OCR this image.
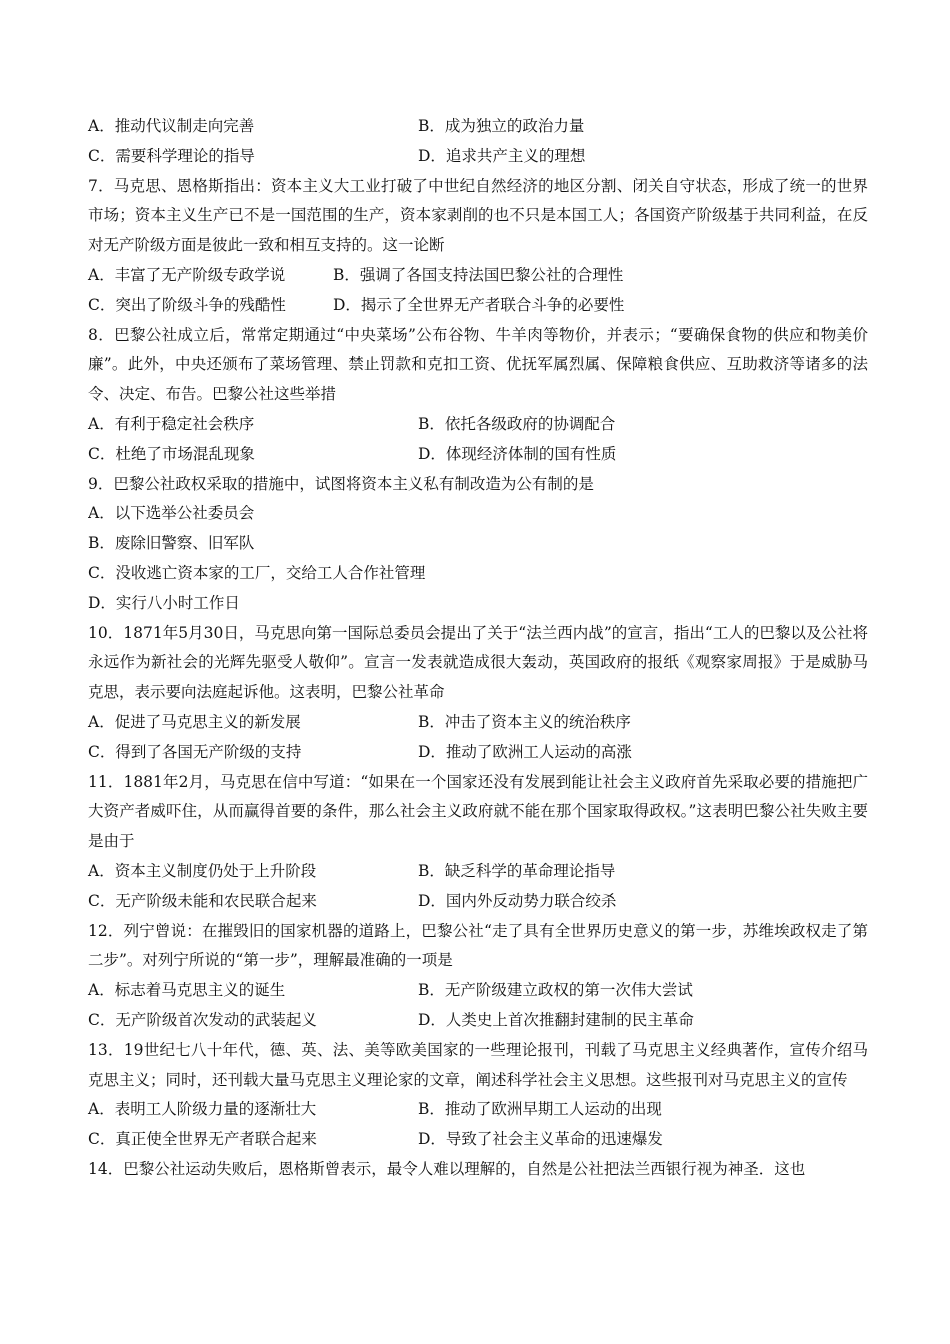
A．推动代议制走向完善	B．成为独立的政治力量
C．需要科学理论的指导	D．追求共产主义的理想
7．马克思、恩格斯指出：资本主义大工业打破了中世纪自然经济的地区分割、闭关自守状态，形成了统一的世界市场；资本主义生产已不是一国范围的生产，资本家剥削的也不只是本国工人；各国资产阶级基于共同利益，在反对无产阶级方面是彼此一致和相互支持的。这一论断
A．丰富了无产阶级专政学说	B．强调了各国支持法国巴黎公社的合理性
C．突出了阶级斗争的残酷性	D．揭示了全世界无产者联合斗争的必要性
8．巴黎公社成立后，常常定期通过“中央菜场”公布谷物、牛羊肉等物价，并表示；“要确保食物的供应和物美价廉”。此外，中央还颁布了菜场管理、禁止罚款和克扣工资、优抚军属烈属、保障粮食供应、互助救济等诸多的法令、决定、布告。巴黎公社这些举措
A．有利于稳定社会秩序	B．依托各级政府的协调配合
C．杜绝了市场混乱现象	D．体现经济体制的国有性质
9．巴黎公社政权采取的措施中，试图将资本主义私有制改造为公有制的是
A．以下选举公社委员会
B．废除旧警察、旧军队
C．没收逃亡资本家的工厂，交给工人合作社管理
D．实行八小时工作日
10．1871年5月30日，马克思向第一国际总委员会提出了关于“法兰西内战”的宣言，指出“工人的巴黎以及公社将永远作为新社会的光辉先驱受人敬仰”。宣言一发表就造成很大轰动，英国政府的报纸《观察家周报》于是威胁马克思，表示要向法庭起诉他。这表明，巴黎公社革命
A．促进了马克思主义的新发展	B．冲击了资本主义的统治秩序
C．得到了各国无产阶级的支持	D．推动了欧洲工人运动的高涨
11．1881年2月，马克思在信中写道：“如果在一个国家还没有发展到能让社会主义政府首先采取必要的措施把广大资产者威吓住，从而赢得首要的条件，那么社会主义政府就不能在那个国家取得政权。”这表明巴黎公社失败主要是由于
A．资本主义制度仍处于上升阶段	B．缺乏科学的革命理论指导
C．无产阶级未能和农民联合起来	D．国内外反动势力联合绞杀
12．列宁曾说：在摧毁旧的国家机器的道路上，巴黎公社“走了具有全世界历史意义的第一步，苏维埃政权走了第二步”。对列宁所说的“第一步”，理解最准确的一项是
A．标志着马克思主义的诞生	B．无产阶级建立政权的第一次伟大尝试
C．无产阶级首次发动的武装起义	D．人类史上首次推翻封建制的民主革命
13．19世纪七八十年代，德、英、法、美等欧美国家的一些理论报刊，刊载了马克思主义经典著作，宣传介绍马克思主义；同时，还刊载大量马克思主义理论家的文章，阐述科学社会主义思想。这些报刊对马克思主义的宣传
A．表明工人阶级力量的逐渐壮大	B．推动了欧洲早期工人运动的出现
C．真正使全世界无产者联合起来	D．导致了社会主义革命的迅速爆发
14．巴黎公社运动失败后，恩格斯曾表示，最令人难以理解的，自然是公社把法兰西银行视为神圣．这也
